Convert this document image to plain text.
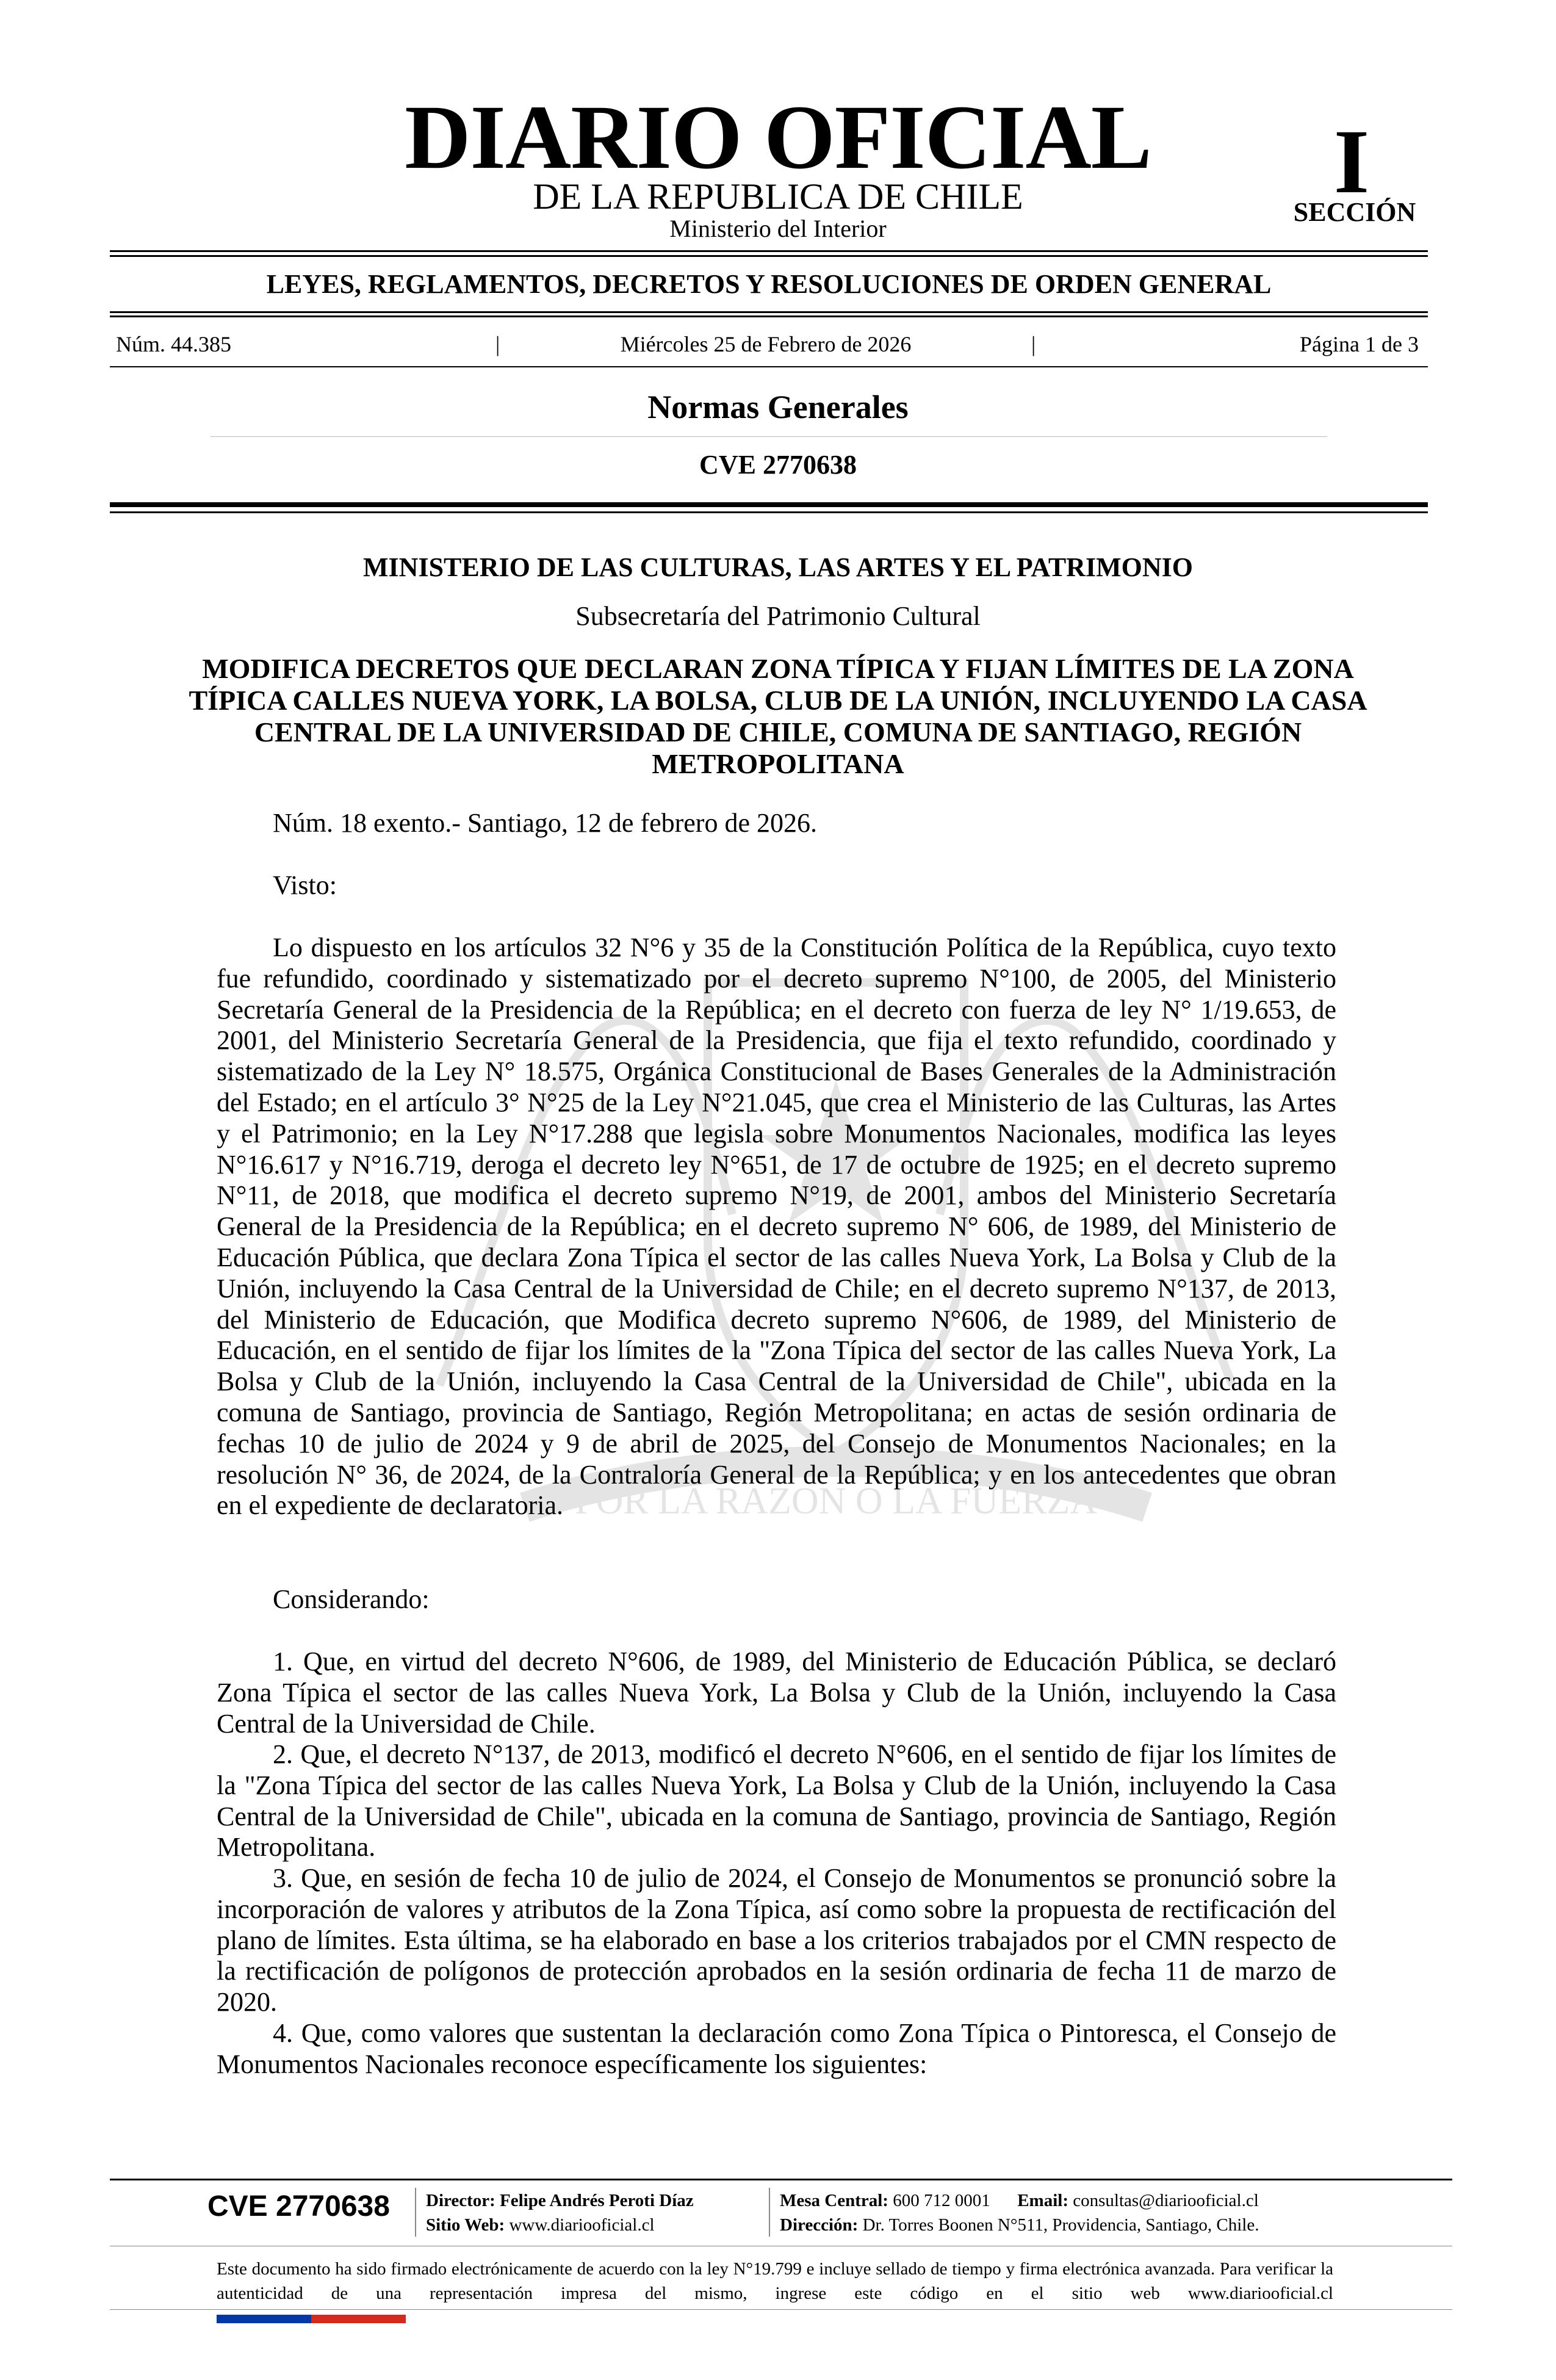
DIARIO OFICIAL
DE LA REPUBLICA DE CHILE
Ministerio del Interior
I
SECCIÓN
LEYES, REGLAMENTOS, DECRETOS Y RESOLUCIONES DE ORDEN GENERAL
Núm. 44.385	|	Miércoles 25 de Febrero de 2026	|	Página 1 de 3
Normas Generales
CVE 2770638
POR LA RAZON O LA FUERZA
MINISTERIO DE LAS CULTURAS, LAS ARTES Y EL PATRIMONIO
Subsecretaría del Patrimonio Cultural
MODIFICA DECRETOS QUE DECLARAN ZONA TÍPICA Y FIJAN LÍMITES DE LA ZONA TÍPICA CALLES NUEVA YORK, LA BOLSA, CLUB DE LA UNIÓN, INCLUYENDO LA CASA CENTRAL DE LA UNIVERSIDAD DE CHILE, COMUNA DE SANTIAGO, REGIÓN METROPOLITANA
Núm. 18 exento.- Santiago, 12 de febrero de 2026.
Visto:
Lo dispuesto en los artículos 32 N°6 y 35 de la Constitución Política de la República, cuyo texto fue refundido, coordinado y sistematizado por el decreto supremo N°100, de 2005, del Ministerio Secretaría General de la Presidencia de la República; en el decreto con fuerza de ley N° 1/19.653, de 2001, del Ministerio Secretaría General de la Presidencia, que fija el texto refundido, coordinado y sistematizado de la Ley N° 18.575, Orgánica Constitucional de Bases Generales de la Administración del Estado; en el artículo 3° N°25 de la Ley N°21.045, que crea el Ministerio de las Culturas, las Artes y el Patrimonio; en la Ley N°17.288 que legisla sobre Monumentos Nacionales, modifica las leyes N°16.617 y N°16.719, deroga el decreto ley N°651, de 17 de octubre de 1925; en el decreto supremo N°11, de 2018, que modifica el decreto supremo N°19, de 2001, ambos del Ministerio Secretaría General de la Presidencia de la República; en el decreto supremo N° 606, de 1989, del Ministerio de Educación Pública, que declara Zona Típica el sector de las calles Nueva York, La Bolsa y Club de la Unión, incluyendo la Casa Central de la Universidad de Chile; en el decreto supremo N°137, de 2013, del Ministerio de Educación, que Modifica decreto supremo N°606, de 1989, del Ministerio de Educación, en el sentido de fijar los límites de la "Zona Típica del sector de las calles Nueva York, La Bolsa y Club de la Unión, incluyendo la Casa Central de la Universidad de Chile", ubicada en la comuna de Santiago, provincia de Santiago, Región Metropolitana; en actas de sesión ordinaria de fechas 10 de julio de 2024 y 9 de abril de 2025, del Consejo de Monumentos Nacionales; en la resolución N° 36, de 2024, de la Contraloría General de la República; y en los antecedentes que obran en el expediente de declaratoria.
Considerando:
1. Que, en virtud del decreto N°606, de 1989, del Ministerio de Educación Pública, se declaró Zona Típica el sector de las calles Nueva York, La Bolsa y Club de la Unión, incluyendo la Casa Central de la Universidad de Chile.
2. Que, el decreto N°137, de 2013, modificó el decreto N°606, en el sentido de fijar los límites de la "Zona Típica del sector de las calles Nueva York, La Bolsa y Club de la Unión, incluyendo la Casa Central de la Universidad de Chile", ubicada en la comuna de Santiago, provincia de Santiago, Región Metropolitana.
3. Que, en sesión de fecha 10 de julio de 2024, el Consejo de Monumentos se pronunció sobre la incorporación de valores y atributos de la Zona Típica, así como sobre la propuesta de rectificación del plano de límites. Esta última, se ha elaborado en base a los criterios trabajados por el CMN respecto de la rectificación de polígonos de protección aprobados en la sesión ordinaria de fecha 11 de marzo de 2020.
4. Que, como valores que sustentan la declaración como Zona Típica o Pintoresca, el Consejo de Monumentos Nacionales reconoce específicamente los siguientes:
CVE 2770638 Director: Felipe Andrés Peroti Díaz
Sitio Web: www.diariooficial.cl
Mesa Central: 600 712 0001 Email: consultas@diariooficial.cl
Dirección: Dr. Torres Boonen N°511, Providencia, Santiago, Chile.
Este documento ha sido firmado electrónicamente de acuerdo con la ley N°19.799 e incluye sellado de tiempo y firma electrónica avanzada. Para verificar la autenticidad de una representación impresa del mismo, ingrese este código en el sitio web www.diariooficial.cl
